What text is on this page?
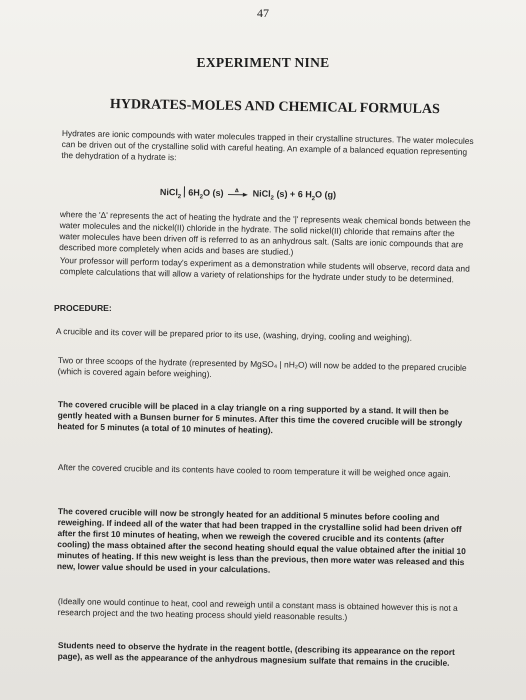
47
EXPERIMENT NINE
HYDRATES-MOLES AND CHEMICAL FORMULAS
Hydrates are ionic compounds with water molecules trapped in their crystalline structures. The water molecules can be driven out of the crystalline solid with careful heating. An example of a balanced equation representing the dehydration of a hydrate is:
NiCl$_2$ $6H_2O$ (s) Δ NiCl$_2$ (s) + 6 $H_2O$ (g)
where the 'Δ' represents the act of heating the hydrate and the '|' represents weak chemical bonds between the water molecules and the nickel(II) chloride in the hydrate. The solid nickel(II) chloride that remains after the water molecules have been driven off is referred to as an anhydrous salt. (Salts are ionic compounds that are described more completely when acids and bases are studied.)
Your professor will perform today's experiment as a demonstration while students will observe, record data and complete calculations that will allow a variety of relationships for the hydrate under study to be determined.
PROCEDURE:
A crucible and its cover will be prepared prior to its use, (washing, drying, cooling and weighing).
Two or three scoops of the hydrate (represented by MgSO₄ | nH₂O) will now be added to the prepared crucible (which is covered again before weighing).
The covered crucible will be placed in a clay triangle on a ring supported by a stand. It will then be gently heated with a Bunsen burner for 5 minutes. After this time the covered crucible will be strongly heated for 5 minutes (a total of 10 minutes of heating).
After the covered crucible and its contents have cooled to room temperature it will be weighed once again.
The covered crucible will now be strongly heated for an additional 5 minutes before cooling and reweighing. If indeed all of the water that had been trapped in the crystalline solid had been driven off after the first 10 minutes of heating, when we reweigh the covered crucible and its contents (after cooling) the mass obtained after the second heating should equal the value obtained after the initial 10 minutes of heating. If this new weight is less than the previous, then more water was released and this new, lower value should be used in your calculations.
(Ideally one would continue to heat, cool and reweigh until a constant mass is obtained however this is not a research project and the two heating process should yield reasonable results.)
Students need to observe the hydrate in the reagent bottle, (describing its appearance on the report page), as well as the appearance of the anhydrous magnesium sulfate that remains in the crucible.
